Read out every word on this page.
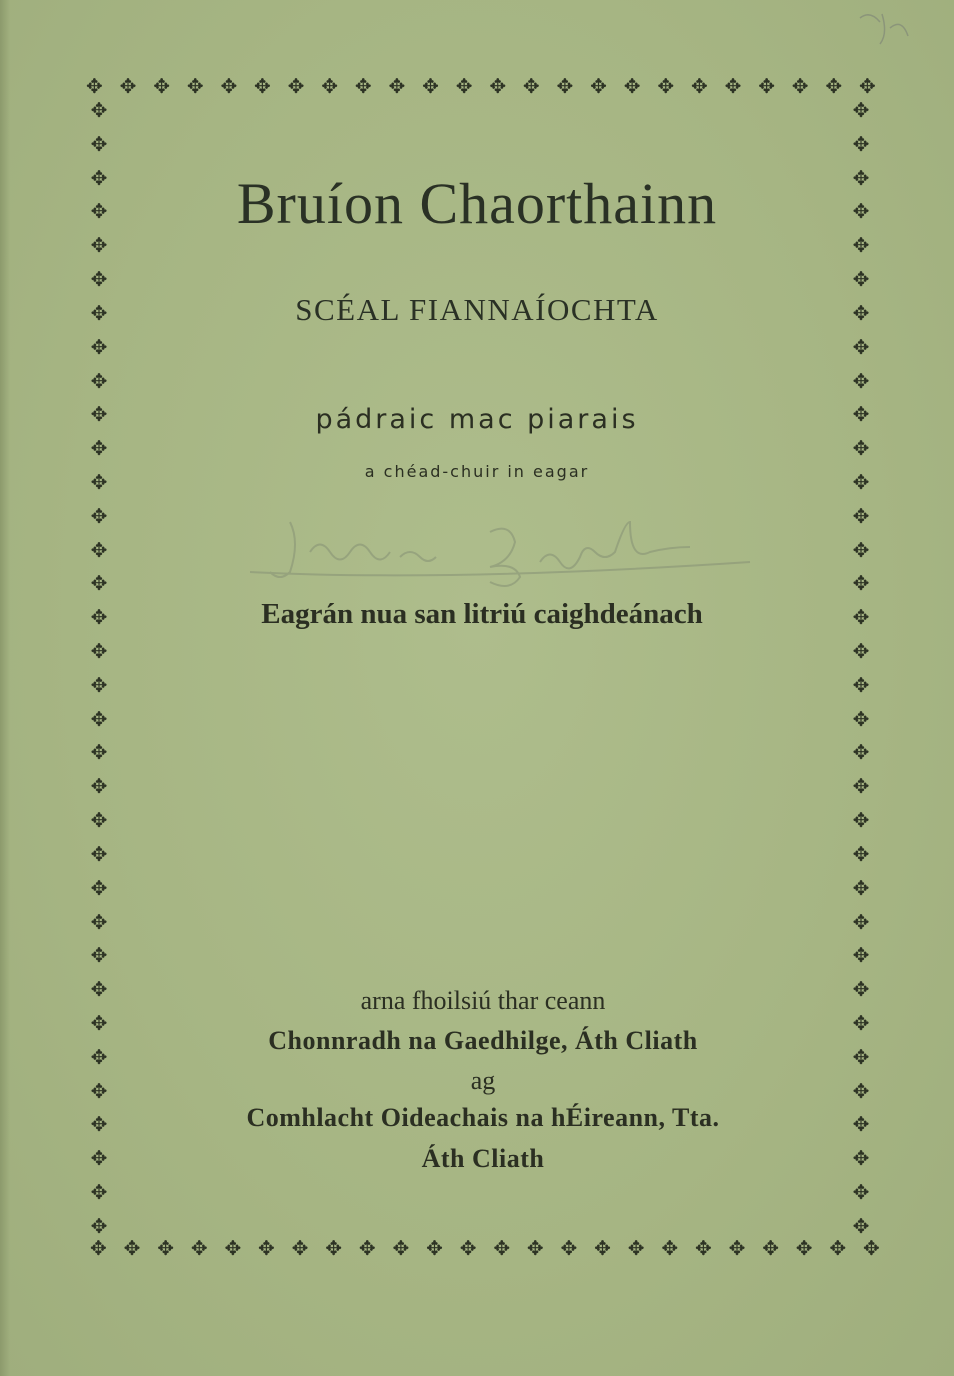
✥ ✥ ✥ ✥ ✥ ✥ ✥ ✥ ✥ ✥ ✥ ✥ ✥ ✥ ✥ ✥ ✥ ✥ ✥ ✥ ✥ ✥ ✥ ✥
✥ ✥ ✥ ✥ ✥ ✥ ✥ ✥ ✥ ✥ ✥ ✥ ✥ ✥ ✥ ✥ ✥ ✥ ✥ ✥ ✥ ✥ ✥ ✥
✥
✥
✥
✥
✥
✥
✥
✥
✥
✥
✥
✥
✥
✥
✥
✥
✥
✥
✥
✥
✥
✥
✥
✥
✥
✥
✥
✥
✥
✥
✥
✥
✥
✥
✥
✥
✥
✥
✥
✥
✥
✥
✥
✥
✥
✥
✥
✥
✥
✥
✥
✥
✥
✥
✥
✥
✥
✥
✥
✥
✥
✥
✥
✥
✥
✥
✥
✥
Bruíon Chaorthainn
SCÉAL FIANNAÍOCHTA
pádraic mac piarais
a chéad-chuir in eagar
Eagrán nua san litriú caighdeánach
arna fhoilsiú thar ceann
Chonnradh na Gaedhilge, Áth Cliath
ag
Comhlacht Oideachais na hÉireann, Tta.
Áth Cliath
